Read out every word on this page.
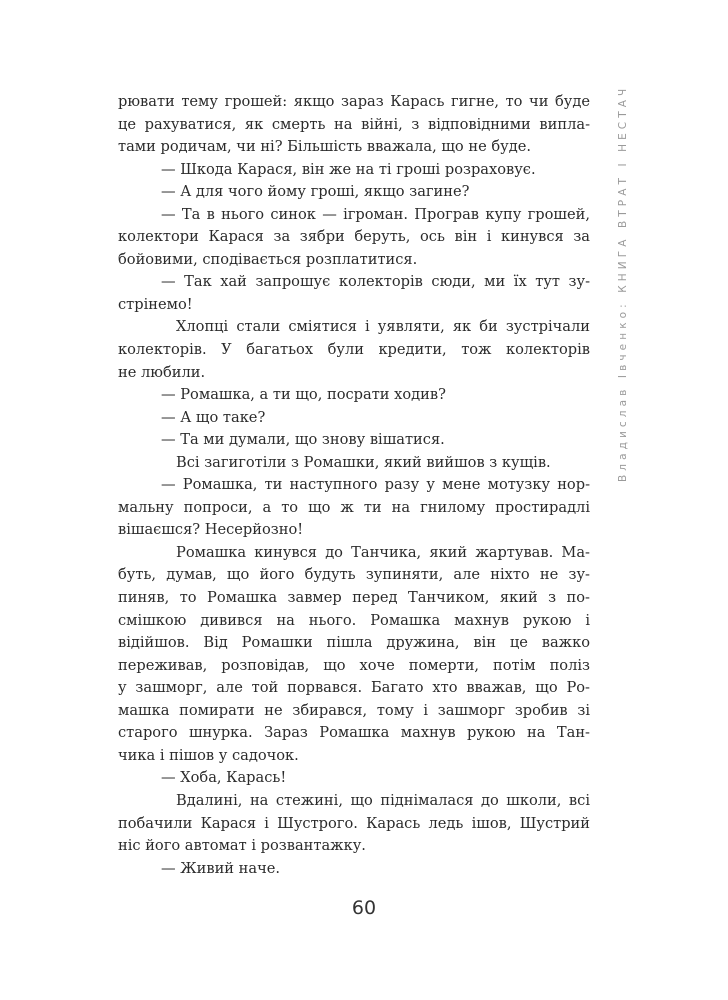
Владислав Івченко: КНИГА ВТРАТ І НЕСТАЧ
рювати тему грошей: якщо зараз Карась гигне, то чи буде
це рахуватися, як смерть на війні, з відповідними випла-
тами родичам, чи ні? Більшість вважала, що не буде.
— Шкода Карася, він же на ті гроші розраховує.
— А для чого йому гроші, якщо загине?
— Та в нього синок — ігроман. Програв купу грошей,
колектори Карася за зябри беруть, ось він і кинувся за
бойовими, сподівається розплатитися.
— Так хай запрошує колекторів сюди, ми їх тут зу-
стрінемо!
Хлопці стали сміятися і уявляти, як би зустрічали
колекторів. У багатьох були кредити, тож колекторів
не любили.
— Ромашка, а ти що, посрати ходив?
— А що таке?
— Та ми думали, що знову вішатися.
Всі загиготіли з Ромашки, який вийшов з кущів.
— Ромашка, ти наступного разу у мене мотузку нор-
мальну попроси, а то що ж ти на гнилому простирадлі
вішаєшся? Несерйозно!
Ромашка кинувся до Танчика, який жартував. Ма-
буть, думав, що його будуть зупиняти, але ніхто не зу-
пиняв, то Ромашка завмер перед Танчиком, який з по-
смішкою дивився на нього. Ромашка махнув рукою і
відійшов. Від Ромашки пішла дружина, він це важко
переживав, розповідав, що хоче померти, потім поліз
у зашморг, але той порвався. Багато хто вважав, що Ро-
машка помирати не збирався, тому і зашморг зробив зі
старого шнурка. Зараз Ромашка махнув рукою на Тан-
чика і пішов у садочок.
— Хоба, Карась!
Вдалині, на стежині, що піднімалася до школи, всі
побачили Карася і Шустрого. Карась ледь ішов, Шустрий
ніс його автомат і розвантажку.
— Живий наче.
60
